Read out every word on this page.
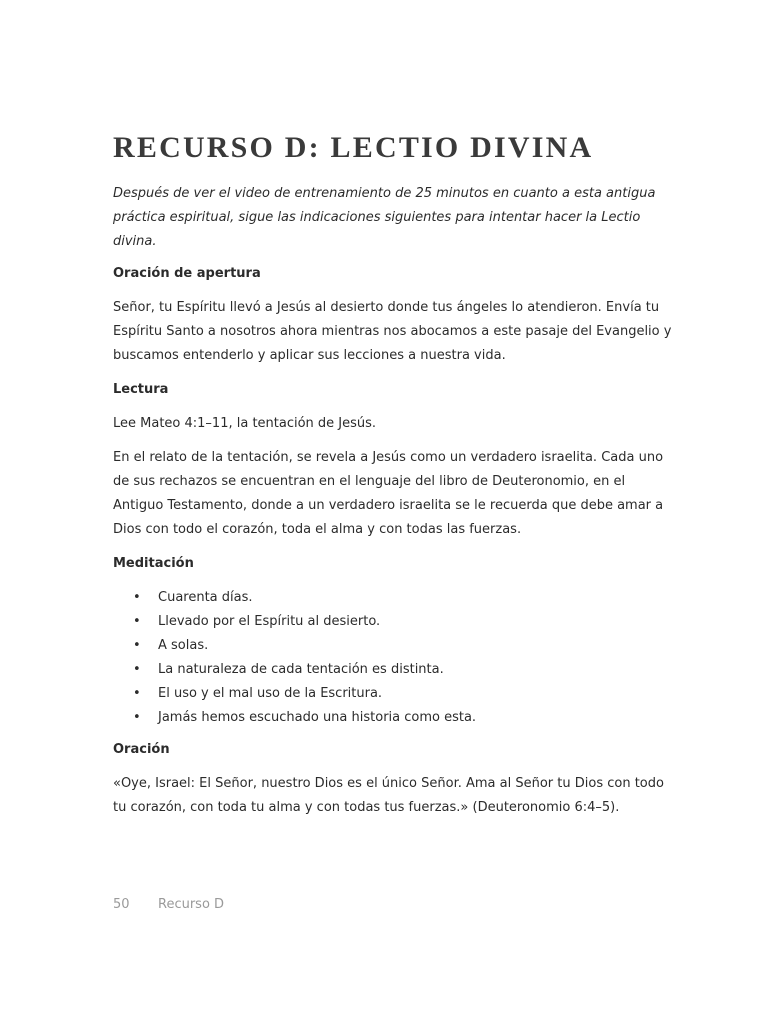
RECURSO D: LECTIO DIVINA

Después de ver el video de entrenamiento de 25 minutos en cuanto a esta antigua práctica espiritual, sigue las indicaciones siguientes para intentar hacer la Lectio divina.

Oración de apertura

Señor, tu Espíritu llevó a Jesús al desierto donde tus ángeles lo atendieron. Envía tu Espíritu Santo a nosotros ahora mientras nos abocamos a este pasaje del Evangelio y buscamos entenderlo y aplicar sus lecciones a nuestra vida.

Lectura

Lee Mateo 4:1–11, la tentación de Jesús.

En el relato de la tentación, se revela a Jesús como un verdadero israelita. Cada uno de sus rechazos se encuentran en el lenguaje del libro de Deuteronomio, en el Antiguo Testamento, donde a un verdadero israelita se le recuerda que debe amar a Dios con todo el corazón, toda el alma y con todas las fuerzas.

Meditación
• Cuarenta días.
• Llevado por el Espíritu al desierto.
• A solas.
• La naturaleza de cada tentación es distinta.
• El uso y el mal uso de la Escritura.
• Jamás hemos escuchado una historia como esta.
Oración

«Oye, Israel: El Señor, nuestro Dios es el único Señor. Ama al Señor tu Dios con todo tu corazón, con toda tu alma y con todas tus fuerzas.» (Deuteronomio 6:4–5).

50 Recurso D
